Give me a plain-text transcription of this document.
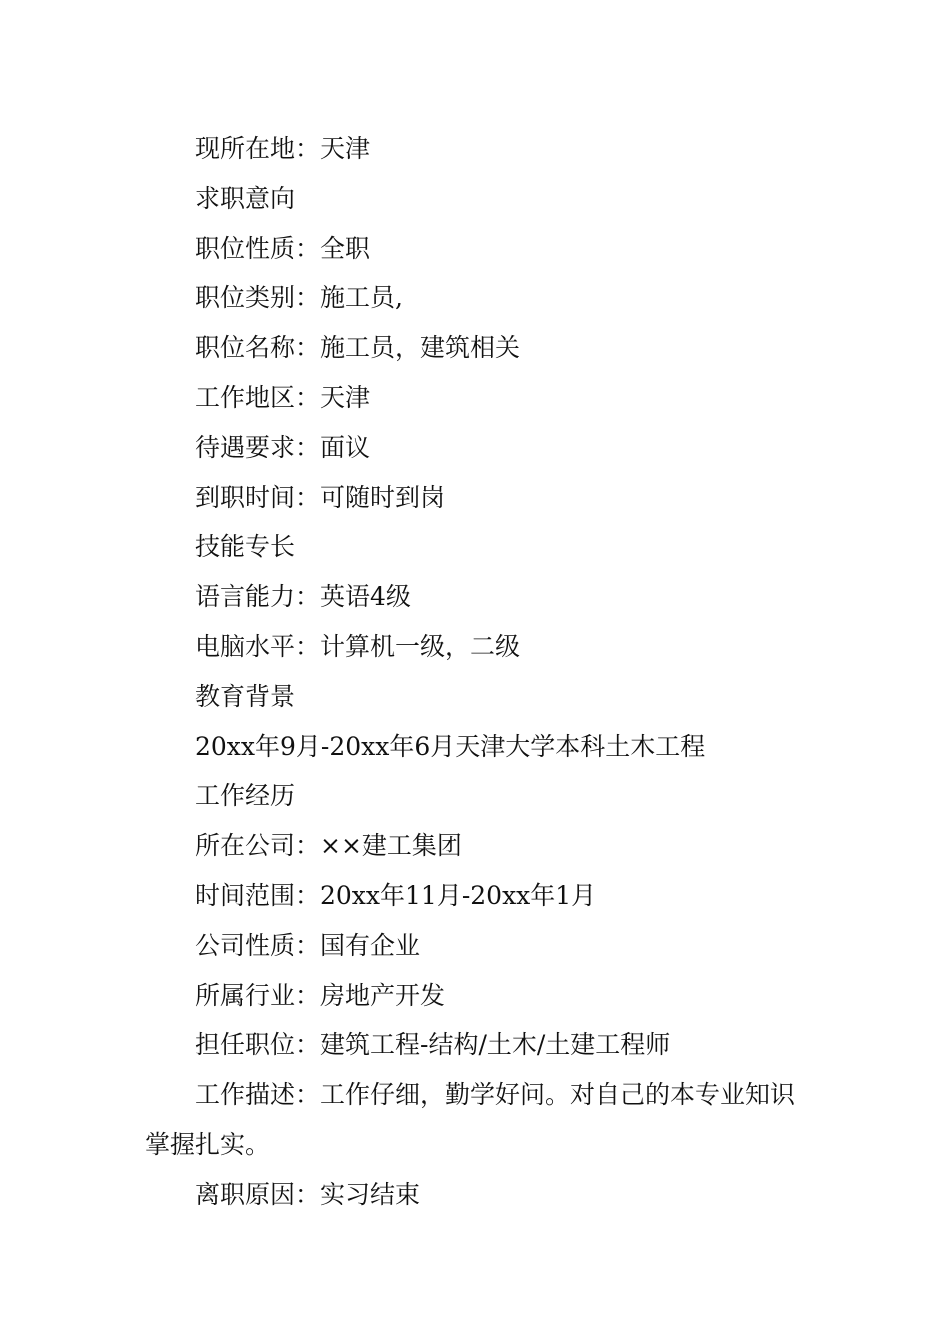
现所在地：天津
求职意向
职位性质：全职
职位类别：施工员,
职位名称：施工员，建筑相关
工作地区：天津
待遇要求：面议
到职时间：可随时到岗
技能专长
语言能力：英语4级
电脑水平：计算机一级，二级
教育背景
20xx年9月-20xx年6月天津大学本科土木工程
工作经历
所在公司：××建工集团
时间范围：20xx年11月-20xx年1月
公司性质：国有企业
所属行业：房地产开发
担任职位：建筑工程-结构/土木/土建工程师
工作描述：工作仔细，勤学好问。对自己的本专业知识掌握扎实。
离职原因：实习结束
